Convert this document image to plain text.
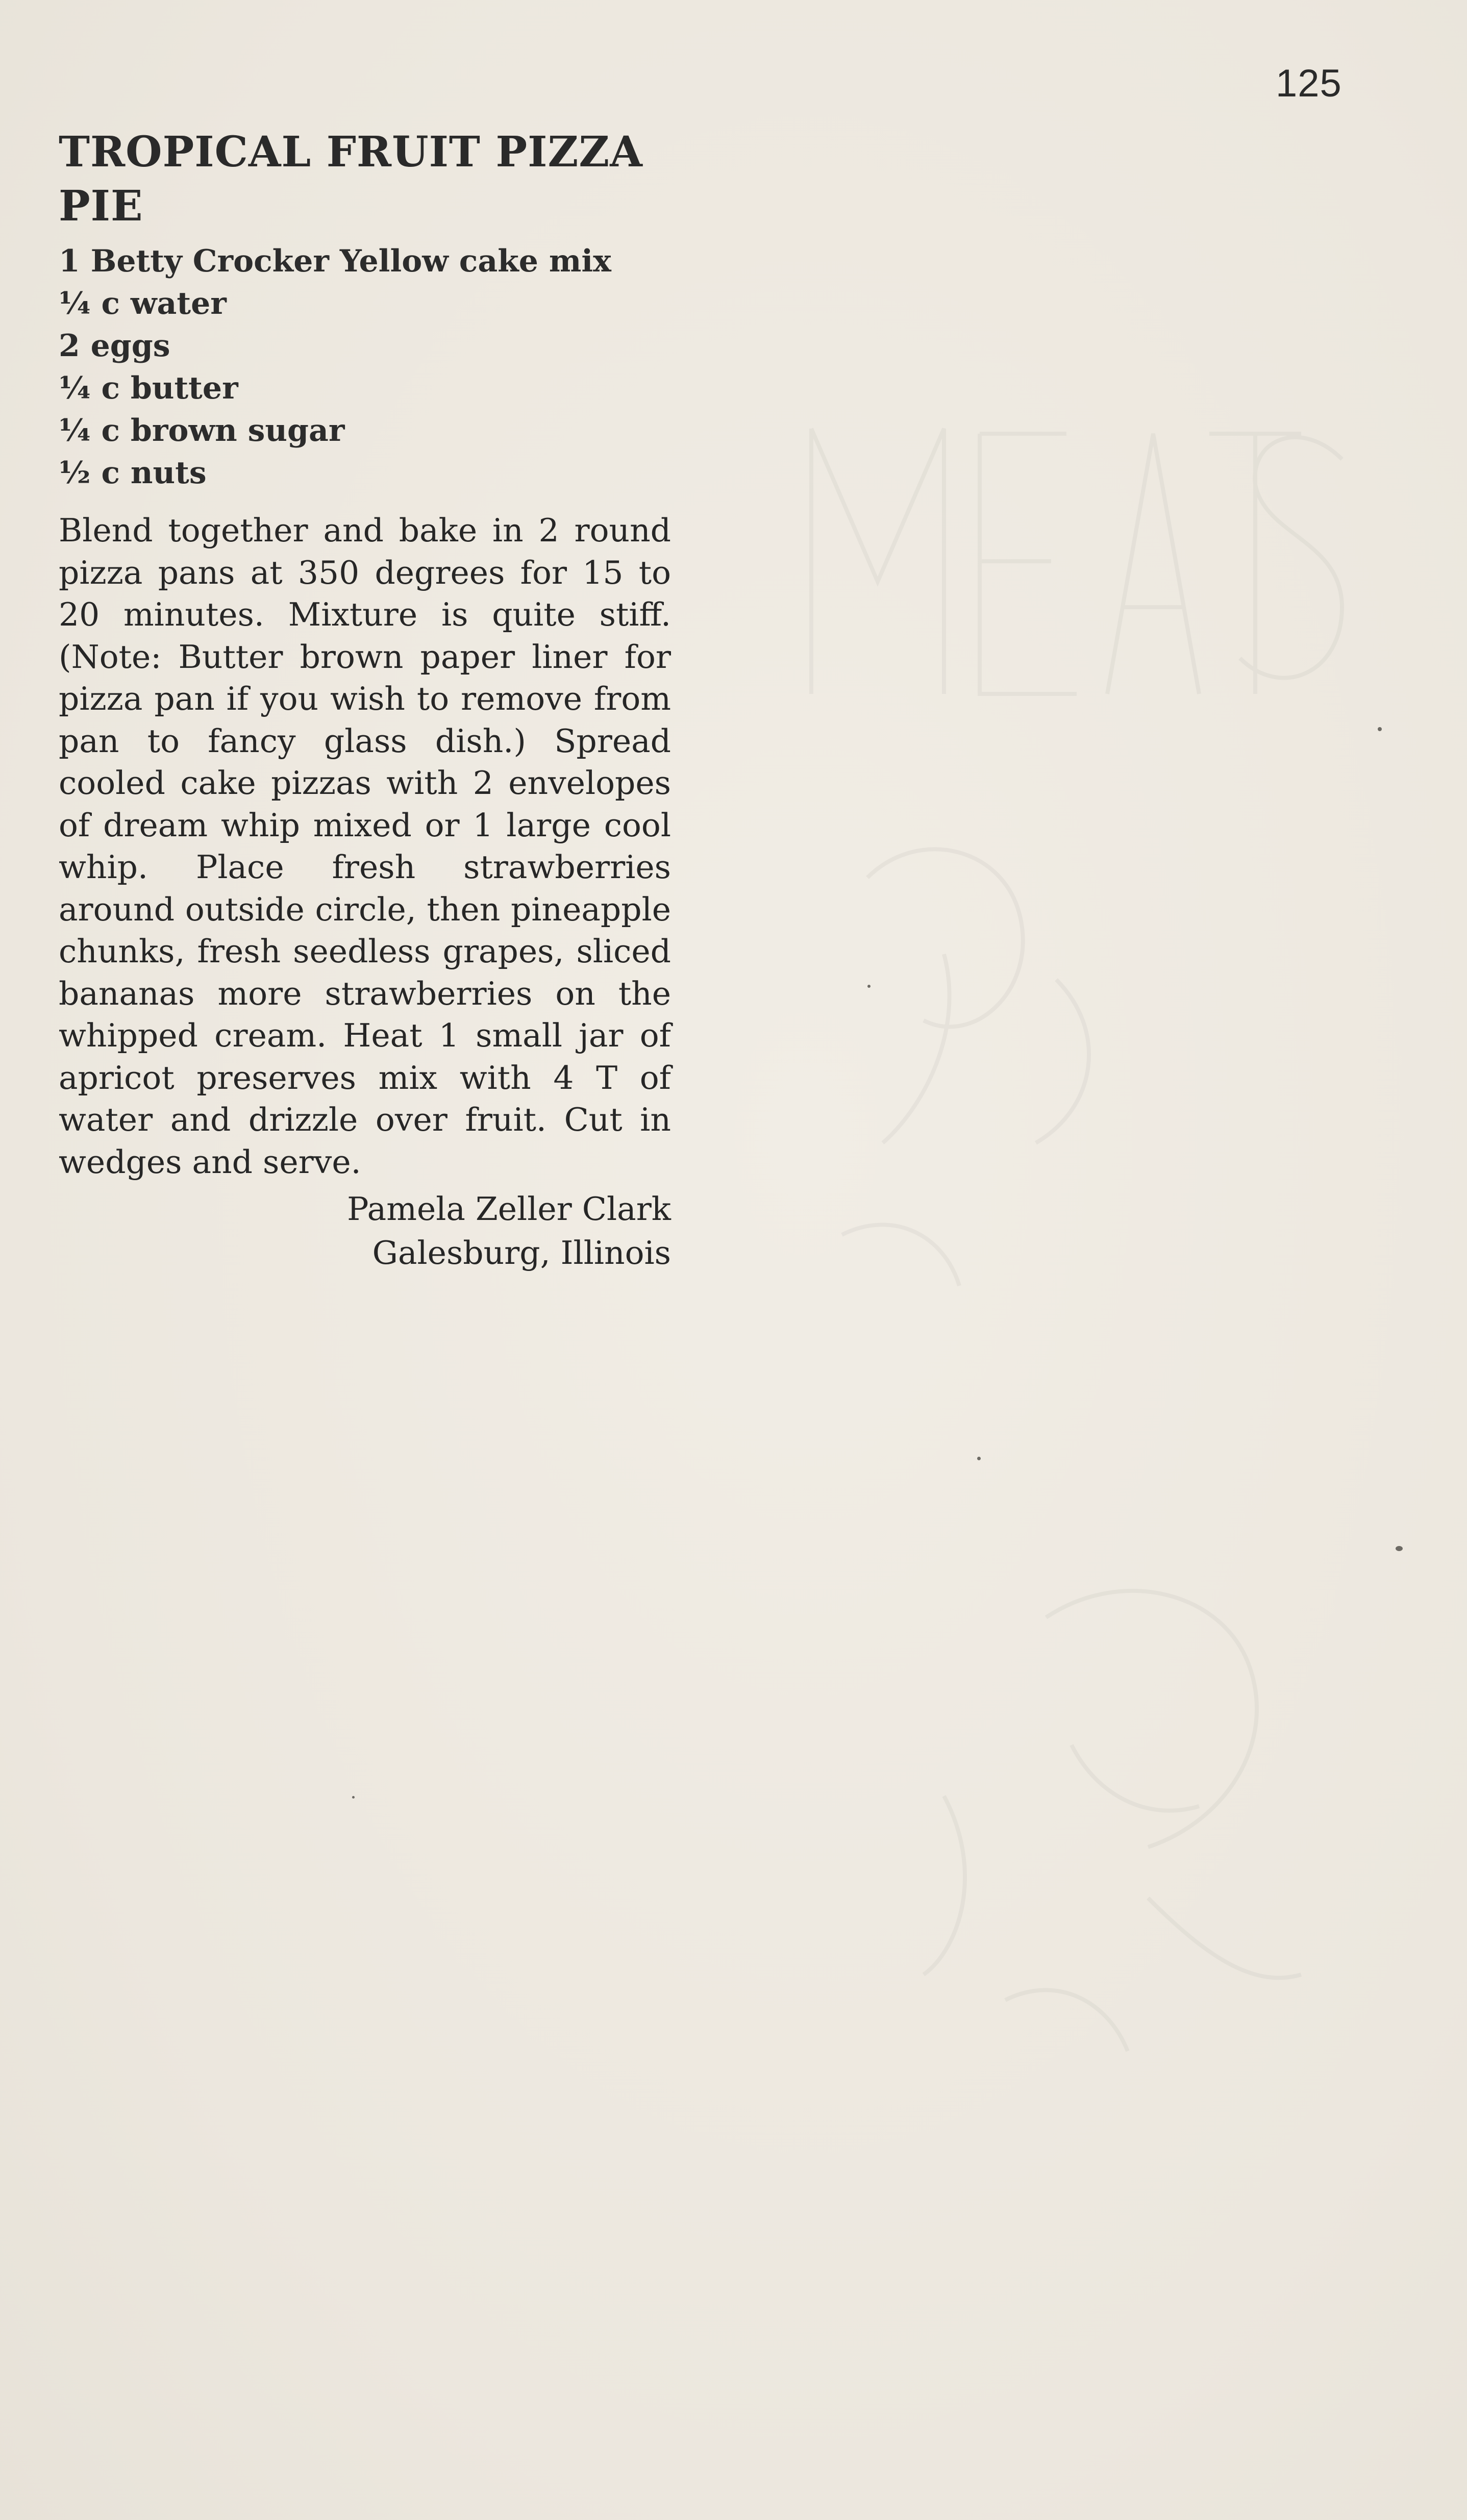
125
TROPICAL FRUIT PIZZA PIE
1 Betty Crocker Yellow cake mix
¼ c water
2 eggs
¼ c butter
¼ c brown sugar
½ c nuts
Blend together and bake in 2 round pizza pans at 350 degrees for 15 to 20 minutes. Mixture is quite stiff. (Note: Butter brown paper liner for pizza pan if you wish to remove from pan to fancy glass dish.) Spread cooled cake pizzas with 2 envelopes of dream whip mixed or 1 large cool whip. Place fresh strawberries around outside circle, then pineapple chunks, fresh seedless grapes, sliced bananas more strawberries on the whipped cream. Heat 1 small jar of apricot preserves mix with 4 T of water and drizzle over fruit. Cut in wedges and serve.
Pamela Zeller Clark
Galesburg, Illinois
